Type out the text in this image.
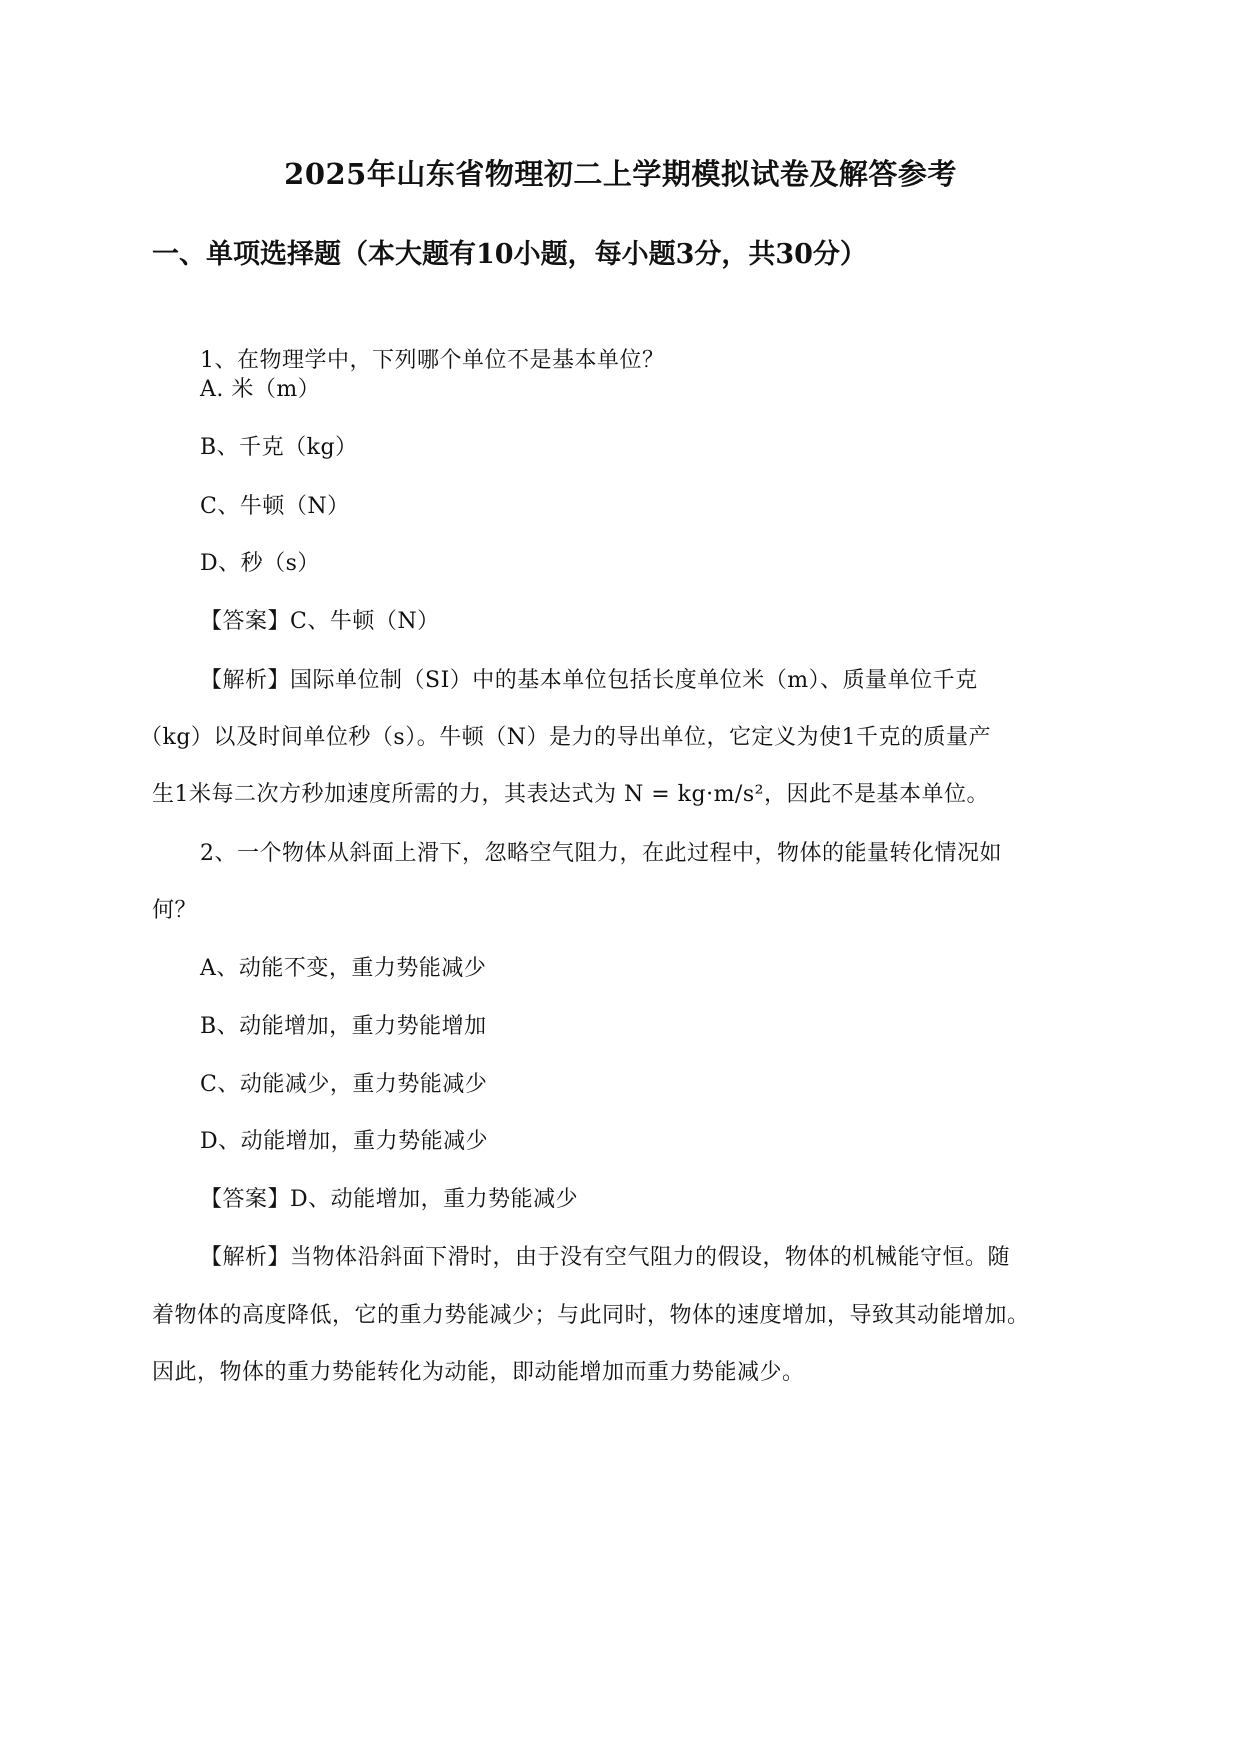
2025年山东省物理初二上学期模拟试卷及解答参考
一、单项选择题（本大题有10小题，每小题3分，共30分）
1、在物理学中，下列哪个单位不是基本单位？
A. 米（m）
B、千克（kg）
C、牛顿（N）
D、秒（s）
【答案】C、牛顿（N）
【解析】国际单位制（SI）中的基本单位包括长度单位米（m）、质量单位千克
（kg）以及时间单位秒（s）。牛顿（N）是力的导出单位，它定义为使1千克的质量产
生1米每二次方秒加速度所需的力，其表达式为 N = kg·m/s²，因此不是基本单位。
2、一个物体从斜面上滑下，忽略空气阻力，在此过程中，物体的能量转化情况如
何？
A、动能不变，重力势能减少
B、动能增加，重力势能增加
C、动能减少，重力势能减少
D、动能增加，重力势能减少
【答案】D、动能增加，重力势能减少
【解析】当物体沿斜面下滑时，由于没有空气阻力的假设，物体的机械能守恒。随
着物体的高度降低，它的重力势能减少；与此同时，物体的速度增加，导致其动能增加。
因此，物体的重力势能转化为动能，即动能增加而重力势能减少。
